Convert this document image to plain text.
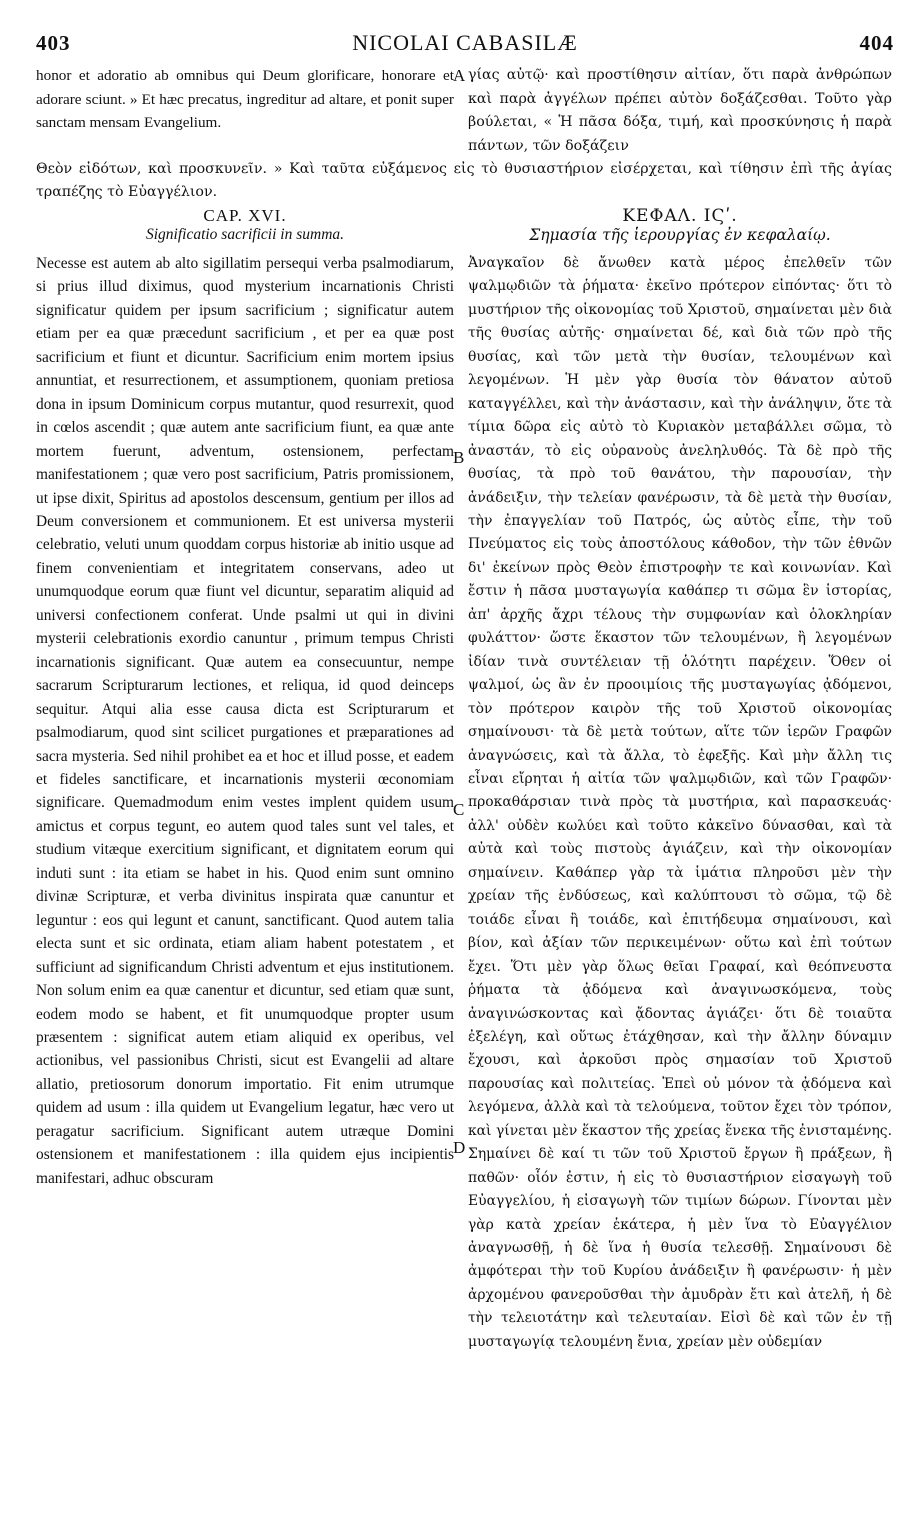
403	NICOLAI CABASILÆ	404

honor et adoratio ab omnibus qui Deum glorificare, honorare et adorare sciunt. » Et hæc precatus, ingreditur ad altare, et ponit super sanctam mensam Evangelium.

γίας αὐτῷ· καὶ προστίθησιν αἰτίαν, ὅτι παρὰ ἀνθρώπων καὶ παρὰ ἀγγέλων πρέπει αὐτὸν δοξάζεσθαι. Τοῦτο γὰρ βούλεται, « Ἡ πᾶσα δόξα, τιμή, καὶ προσκύνησις ἡ παρὰ πάντων, τῶν δοξάζειν

Θεὸν εἰδότων, καὶ προσκυνεῖν. » Καὶ ταῦτα εὐξάμενος εἰς τὸ θυσιαστήριον εἰσέρχεται, καὶ τίθησιν ἐπὶ τῆς ἁγίας τραπέζης τὸ Εὐαγγέλιον.

CAP. XVI.

Significatio sacrificii in summa.

ΚΕΦΑΛ. ΙϚʹ.

Σημασία τῆς ἱερουργίας ἐν κεφαλαίῳ.

Necesse est autem ab alto sigillatim persequi verba psalmodiarum, si prius illud diximus, quod mysterium incarnationis Christi significatur quidem per ipsum sacrificium ; significatur autem etiam per ea quæ præcedunt sacrificium , et per ea quæ post sacrificium et fiunt et dicuntur. Sacrificium enim mortem ipsius annuntiat, et resurrectionem, et assumptionem, quoniam pretiosa dona in ipsum Dominicum corpus mutantur, quod resurrexit, quod in cœlos ascendit ; quæ autem ante sacrificium fiunt, ea quæ ante mortem fuerunt, adventum, ostensionem, perfectam manifestationem ; quæ vero post sacrificium, Patris promissionem, ut ipse dixit, Spiritus ad apostolos descensum, gentium per illos ad Deum conversionem et communionem. Et est universa mysterii celebratio, veluti unum quoddam corpus historiæ ab initio usque ad finem convenientiam et integritatem conservans, adeo ut unumquodque eorum quæ fiunt vel dicuntur, separatim aliquid ad universi confectionem conferat. Unde psalmi ut qui in divini mysterii celebrationis exordio canuntur , primum tempus Christi incarnationis significant. Quæ autem ea consecuuntur, nempe sacrarum Scripturarum lectiones, et reliqua, id quod deinceps sequitur. Atqui alia esse causa dicta est Scripturarum et psalmodiarum, quod sint scilicet purgationes et præparationes ad sacra mysteria. Sed nihil prohibet ea et hoc et illud posse, et eadem et fideles sanctificare, et incarnationis mysterii œconomiam significare. Quemadmodum enim vestes implent quidem usum amictus et corpus tegunt, eo autem quod tales sunt vel tales, et studium vitæque exercitium significant, et dignitatem eorum qui induti sunt : ita etiam se habet in his. Quod enim sunt omnino divinæ Scripturæ, et verba divinitus inspirata quæ canuntur et leguntur : eos qui legunt et canunt, sanctificant. Quod autem talia electa sunt et sic ordinata, etiam aliam habent potestatem , et sufficiunt ad significandum Christi adventum et ejus institutionem. Non solum enim ea quæ canentur et dicuntur, sed etiam quæ sunt, eodem modo se habent, et fit unumquodque propter usum præsentem : significat autem etiam aliquid ex operibus, vel actionibus, vel passionibus Christi, sicut est Evangelii ad altare allatio, pretiosorum donorum importatio. Fit enim utrumque quidem ad usum : illa quidem ut Evangelium legatur, hæc vero ut peragatur sacrificium. Significant autem utræque Domini ostensionem et manifestationem : illa quidem ejus incipientis manifestari, adhuc obscuram

Ἀναγκαῖον δὲ ἄνωθεν κατὰ μέρος ἐπελθεῖν τῶν ψαλμῳδιῶν τὰ ῥήματα· ἐκεῖνο πρότερον εἰπόντας· ὅτι τὸ μυστήριον τῆς οἰκονομίας τοῦ Χριστοῦ, σημαίνεται μὲν διὰ τῆς θυσίας αὐτῆς· σημαίνεται δέ, καὶ διὰ τῶν πρὸ τῆς θυσίας, καὶ τῶν μετὰ τὴν θυσίαν, τελουμένων καὶ λεγομένων. Ἡ μὲν γὰρ θυσία τὸν θάνατον αὐτοῦ καταγγέλλει, καὶ τὴν ἀνάστασιν, καὶ τὴν ἀνάληψιν, ὅτε τὰ τίμια δῶρα εἰς αὐτὸ τὸ Κυριακὸν μεταβάλλει σῶμα, τὸ ἀναστάν, τὸ εἰς οὐρανοὺς ἀνεληλυθός. Τὰ δὲ πρὸ τῆς θυσίας, τὰ πρὸ τοῦ θανάτου, τὴν παρουσίαν, τὴν ἀνάδειξιν, τὴν τελείαν φανέρωσιν, τὰ δὲ μετὰ τὴν θυσίαν, τὴν ἐπαγγελίαν τοῦ Πατρός, ὡς αὐτὸς εἶπε, τὴν τοῦ Πνεύματος εἰς τοὺς ἀποστόλους κάθοδον, τὴν τῶν ἐθνῶν δι' ἐκείνων πρὸς Θεὸν ἐπιστροφὴν τε καὶ κοινωνίαν. Καὶ ἔστιν ἡ πᾶσα μυσταγωγία καθάπερ τι σῶμα ἓν ἱστορίας, ἀπ' ἀρχῆς ἄχρι τέλους τὴν συμφωνίαν καὶ ὁλοκληρίαν φυλάττον· ὥστε ἕκαστον τῶν τελουμένων, ἢ λεγομένων ἰδίαν τινὰ συντέλειαν τῇ ὁλότητι παρέχειν. Ὅθεν οἱ ψαλμοί, ὡς ἂν ἐν προοιμίοις τῆς μυσταγωγίας ᾀδόμενοι, τὸν πρότερον καιρὸν τῆς τοῦ Χριστοῦ οἰκονομίας σημαίνουσι· τὰ δὲ μετὰ τούτων, αἵτε τῶν ἱερῶν Γραφῶν ἀναγνώσεις, καὶ τὰ ἄλλα, τὸ ἐφεξῆς. Καὶ μὴν ἄλλη τις εἶναι εἴρηται ἡ αἰτία τῶν ψαλμῳδιῶν, καὶ τῶν Γραφῶν· προκαθάρσιαν τινὰ πρὸς τὰ μυστήρια, καὶ παρασκευάς· ἀλλ' οὐδὲν κωλύει καὶ τοῦτο κἀκεῖνο δύνασθαι, καὶ τὰ αὐτὰ καὶ τοὺς πιστοὺς ἁγιάζειν, καὶ τὴν οἰκονομίαν σημαίνειν. Καθάπερ γὰρ τὰ ἱμάτια πληροῦσι μὲν τὴν χρείαν τῆς ἐνδύσεως, καὶ καλύπτουσι τὸ σῶμα, τῷ δὲ τοιάδε εἶναι ἢ τοιάδε, καὶ ἐπιτήδευμα σημαίνουσι, καὶ βίον, καὶ ἀξίαν τῶν περικειμένων· οὕτω καὶ ἐπὶ τούτων ἔχει. Ὅτι μὲν γὰρ ὅλως θεῖαι Γραφαί, καὶ θεόπνευστα ῥήματα τὰ ᾀδόμενα καὶ ἀναγινωσκόμενα, τοὺς ἀναγινώσκοντας καὶ ᾄδοντας ἁγιάζει· ὅτι δὲ τοιαῦτα ἐξελέγη, καὶ οὕτως ἐτάχθησαν, καὶ τὴν ἄλλην δύναμιν ἔχουσι, καὶ ἀρκοῦσι πρὸς σημασίαν τοῦ Χριστοῦ παρουσίας καὶ πολιτείας. Ἐπεὶ οὐ μόνον τὰ ᾀδόμενα καὶ λεγόμενα, ἀλλὰ καὶ τὰ τελούμενα, τοῦτον ἔχει τὸν τρόπον, καὶ γίνεται μὲν ἕκαστον τῆς χρείας ἕνεκα τῆς ἐνισταμένης. Σημαίνει δὲ καί τι τῶν τοῦ Χριστοῦ ἔργων ἢ πράξεων, ἢ παθῶν· οἷόν ἐστιν, ἡ εἰς τὸ θυσιαστήριον εἰσαγωγὴ τοῦ Εὐαγγελίου, ἡ εἰσαγωγὴ τῶν τιμίων δώρων. Γίνονται μὲν γὰρ κατὰ χρείαν ἑκάτερα, ἡ μὲν ἵνα τὸ Εὐαγγέλιον ἀναγνωσθῇ, ἡ δὲ ἵνα ἡ θυσία τελεσθῇ. Σημαίνουσι δὲ ἀμφότεραι τὴν τοῦ Κυρίου ἀνάδειξιν ἢ φανέρωσιν· ἡ μὲν ἀρχομένου φανεροῦσθαι τὴν ἀμυδρὰν ἔτι καὶ ἀτελῆ, ἡ δὲ τὴν τελειοτάτην καὶ τελευταίαν. Εἰσὶ δὲ καὶ τῶν ἐν τῇ μυσταγωγίᾳ τελουμένη ἔνια, χρείαν μὲν οὐδεμίαν

A
B
C
D
